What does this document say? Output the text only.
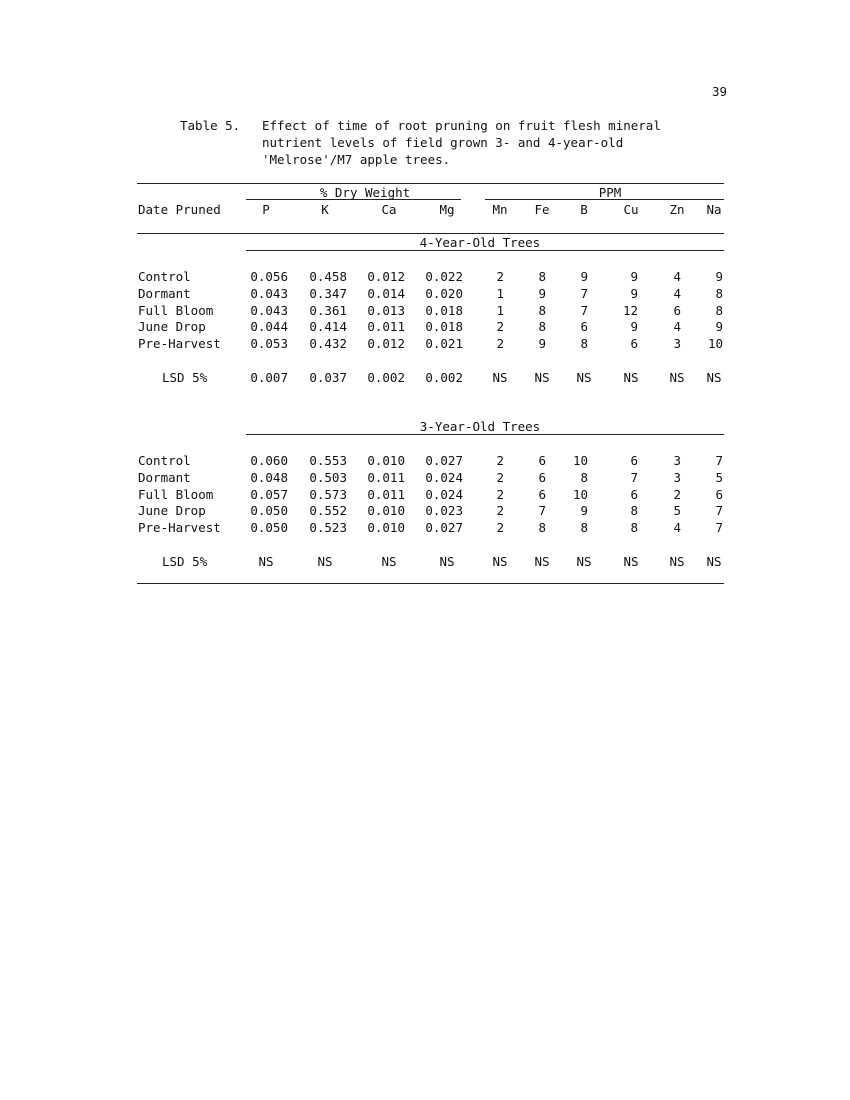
39
Table 5. Effect of time of root pruning on fruit flesh mineral
nutrient levels of field grown 3- and 4-year-old
'Melrose'/M7 apple trees.
% Dry Weight	PPM
Date Pruned	P	K	Ca	Mg	Mn	Fe	B	Cu	Zn	Na
4-Year-Old Trees
Control	0.056	0.458	0.012	0.022	2	8	9	9	4	9
Dormant	0.043	0.347	0.014	0.020	1	9	7	9	4	8
Full Bloom	0.043	0.361	0.013	0.018	1	8	7	12	6	8
June Drop	0.044	0.414	0.011	0.018	2	8	6	9	4	9
Pre-Harvest	0.053	0.432	0.012	0.021	2	9	8	6	3	10
LSD 5%	0.007	0.037	0.002	0.002	NS	NS	NS	NS	NS	NS
3-Year-Old Trees
Control	0.060	0.553	0.010	0.027	2	6	10	6	3	7
Dormant	0.048	0.503	0.011	0.024	2	6	8	7	3	5
Full Bloom	0.057	0.573	0.011	0.024	2	6	10	6	2	6
June Drop	0.050	0.552	0.010	0.023	2	7	9	8	5	7
Pre-Harvest	0.050	0.523	0.010	0.027	2	8	8	8	4	7
LSD 5%	NS	NS	NS	NS	NS	NS	NS	NS	NS	NS
